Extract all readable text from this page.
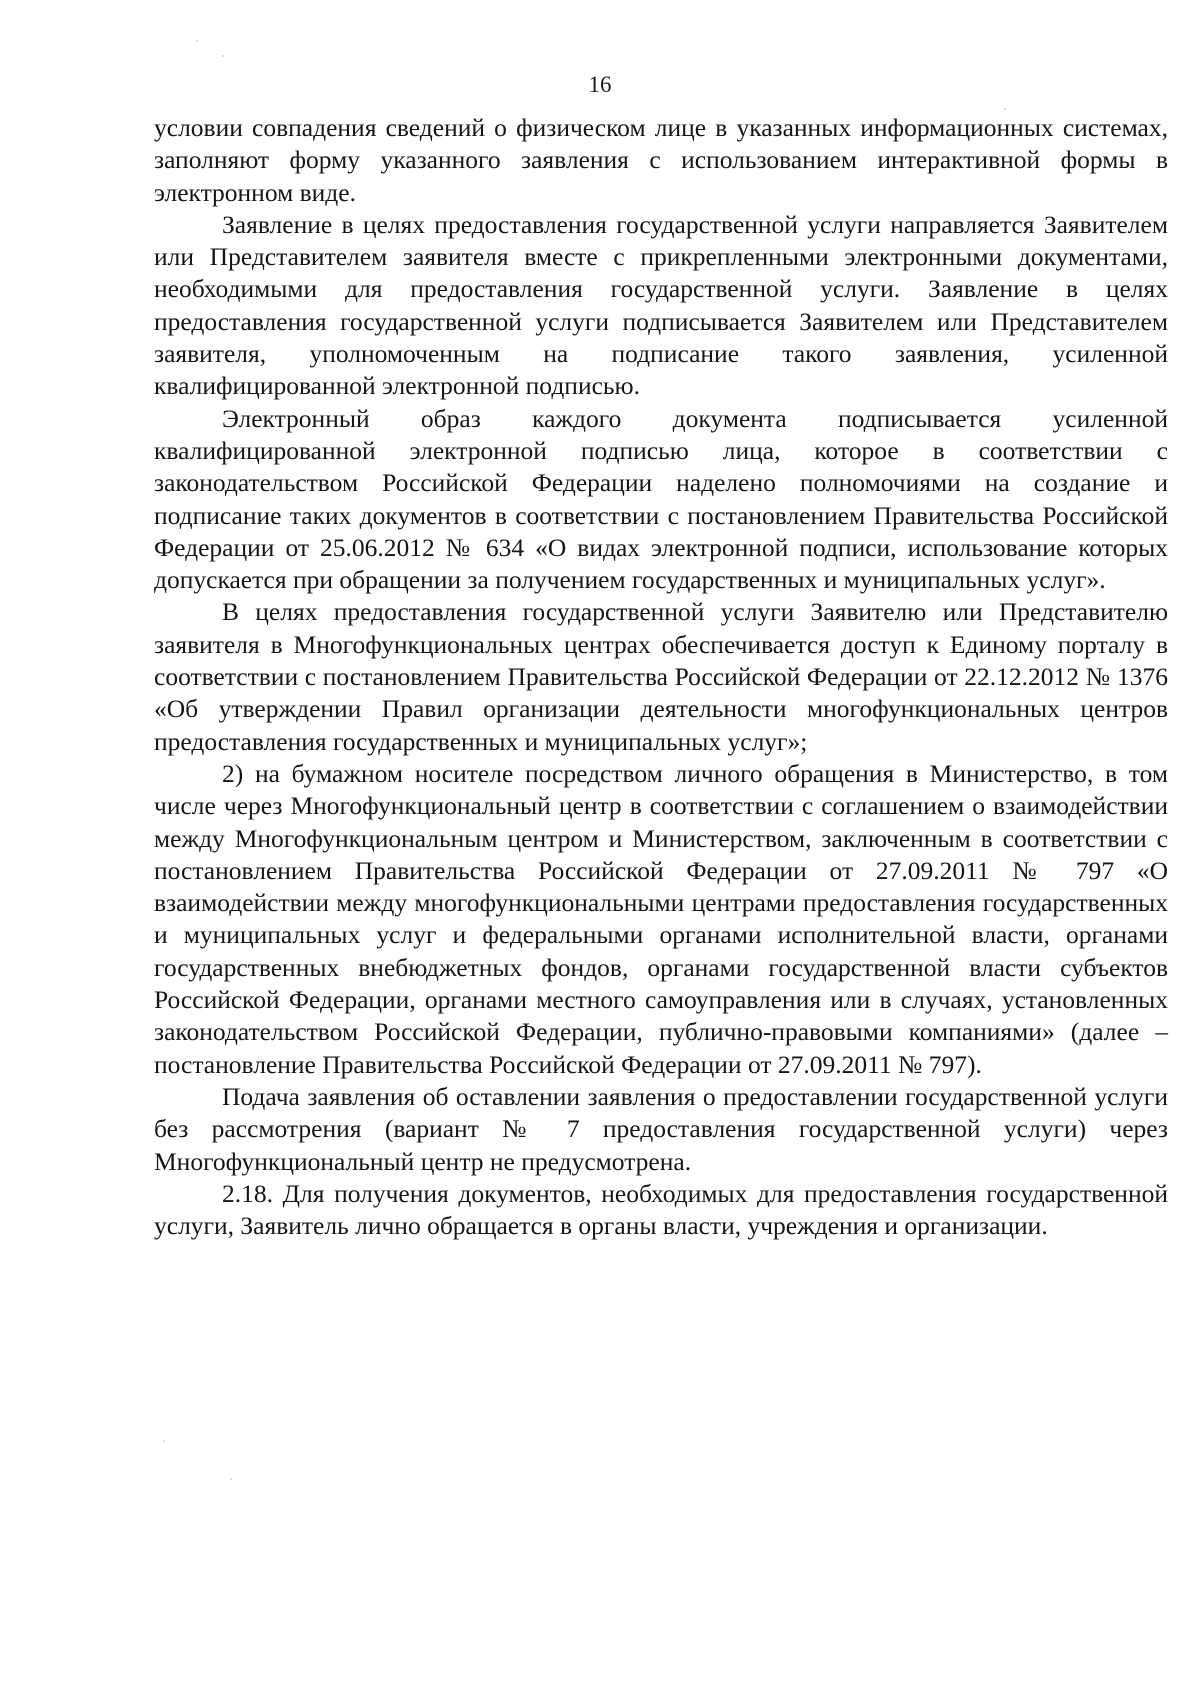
16

условии совпадения сведений о физическом лице в указанных информационных системах, заполняют форму указанного заявления с использованием интерактивной формы в электронном виде.

Заявление в целях предоставления государственной услуги направляется Заявителем или Представителем заявителя вместе с прикрепленными электронными документами, необходимыми для предоставления государственной услуги. Заявление в целях предоставления государственной услуги подписывается Заявителем или Представителем заявителя, уполномоченным на подписание такого заявления, усиленной квалифицированной электронной подписью.

Электронный образ каждого документа подписывается усиленной квалифицированной электронной подписью лица, которое в соответствии с законодательством Российской Федерации наделено полномочиями на создание и подписание таких документов в соответствии с постановлением Правительства Российской Федерации от 25.06.2012 № 634 «О видах электронной подписи, использование которых допускается при обращении за получением государственных и муниципальных услуг».

В целях предоставления государственной услуги Заявителю или Представителю заявителя в Многофункциональных центрах обеспечивается доступ к Единому порталу в соответствии с постановлением Правительства Российской Федерации от 22.12.2012 № 1376 «Об утверждении Правил организации деятельности многофункциональных центров предоставления государственных и муниципальных услуг»;

2) на бумажном носителе посредством личного обращения в Министерство, в том числе через Многофункциональный центр в соответствии с соглашением о взаимодействии между Многофункциональным центром и Министерством, заключенным в соответствии с постановлением Правительства Российской Федерации от 27.09.2011 № 797 «О взаимодействии между многофункциональными центрами предоставления государственных и муниципальных услуг и федеральными органами исполнительной власти, органами государственных внебюджетных фондов, органами государственной власти субъектов Российской Федерации, органами местного самоуправления или в случаях, установленных законодательством Российской Федерации, публично-правовыми компаниями» (далее – постановление Правительства Российской Федерации от 27.09.2011 № 797).

Подача заявления об оставлении заявления о предоставлении государственной услуги без рассмотрения (вариант № 7 предоставления государственной услуги) через Многофункциональный центр не предусмотрена.

2.18. Для получения документов, необходимых для предоставления государственной услуги, Заявитель лично обращается в органы власти, учреждения и организации.
